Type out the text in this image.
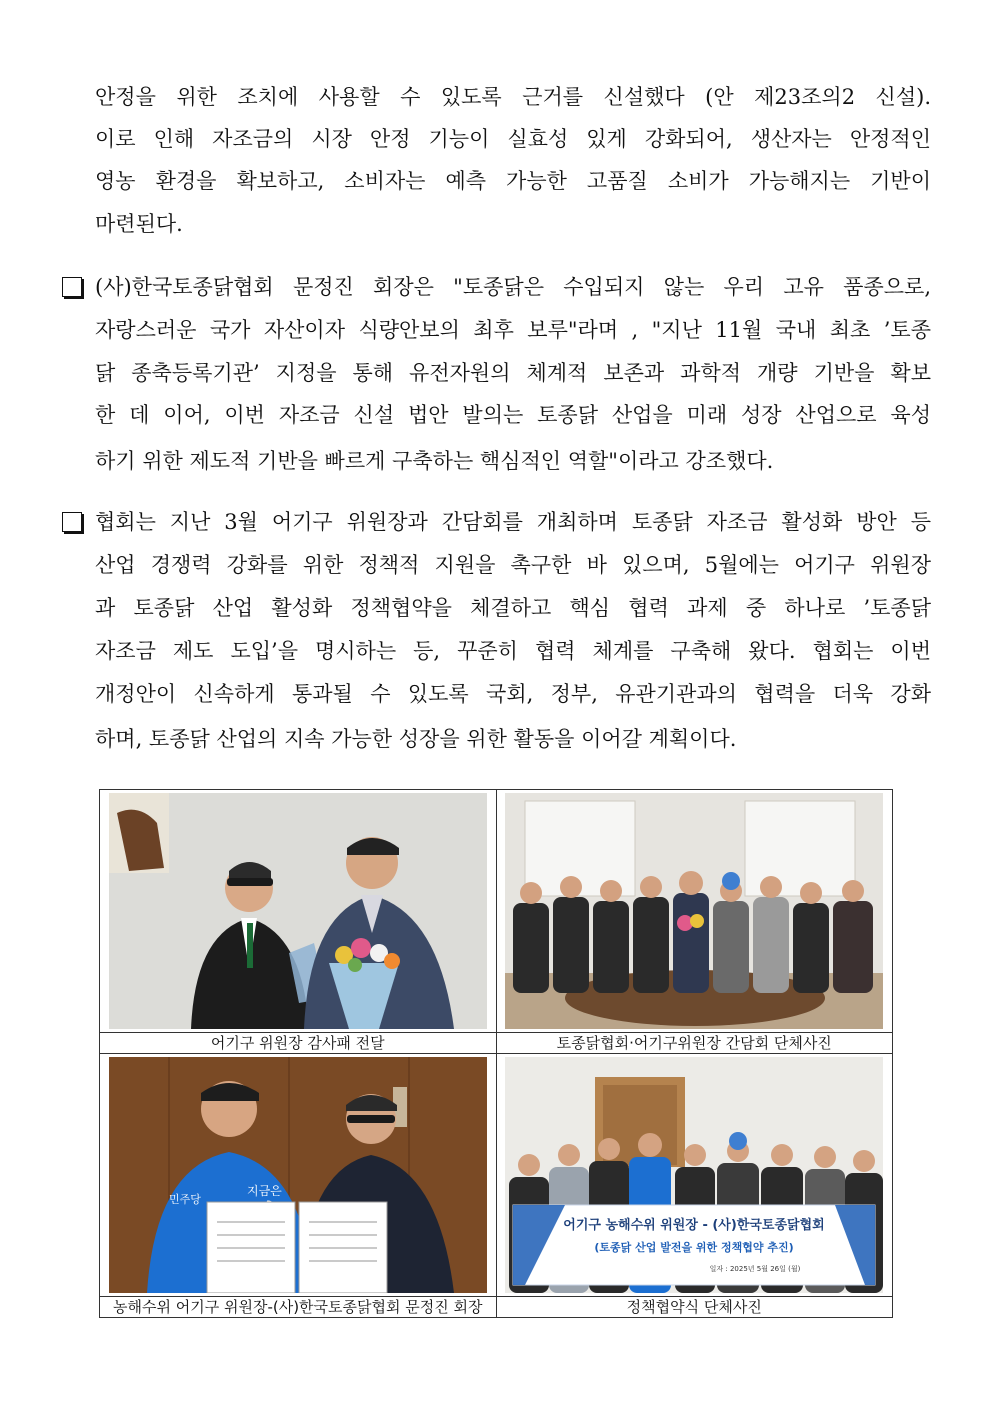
안정을 위한 조치에 사용할 수 있도록 근거를 신설했다 (안 제23조의2 신설).
이로 인해 자조금의 시장 안정 기능이 실효성 있게 강화되어, 생산자는 안정적인
영농 환경을 확보하고, 소비자는 예측 가능한 고품질 소비가 가능해지는 기반이
마련된다.
(사)한국토종닭협회 문정진 회장은 "토종닭은 수입되지 않는 우리 고유 품종으로,
자랑스러운 국가 자산이자 식량안보의 최후 보루"라며 , "지난 11월 국내 최초 ’토종
닭 종축등록기관’ 지정을 통해 유전자원의 체계적 보존과 과학적 개량 기반을 확보
한 데 이어, 이번 자조금 신설 법안 발의는 토종닭 산업을 미래 성장 산업으로 육성
하기 위한 제도적 기반을 빠르게 구축하는 핵심적인 역할"이라고 강조했다.
협회는 지난 3월 어기구 위원장과 간담회를 개최하며 토종닭 자조금 활성화 방안 등
산업 경쟁력 강화를 위한 정책적 지원을 촉구한 바 있으며, 5월에는 어기구 위원장
과 토종닭 산업 활성화 정책협약을 체결하고 핵심 협력 과제 중 하나로 ’토종닭
자조금 제도 도입’을 명시하는 등, 꾸준히 협력 체계를 구축해 왔다. 협회는 이번
개정안이 신속하게 통과될 수 있도록 국회, 정부, 유관기관과의 협력을 더욱 강화
하며, 토종닭 산업의 지속 가능한 성장을 위한 활동을 이어갈 계획이다.

어기구 위원장 감사패 전달	토종닭협회·어기구위원장 간담회 단체사진

민주당
지금은	어기구 농해수위 위원장 - (사)한국토종닭협회
(토종닭 산업 발전을 위한 정책협약 추진)
일자 : 2025년 5월 26일 (월)

농해수위 어기구 위원장-(사)한국토종닭협회 문정진 회장	정책협약식 단체사진
